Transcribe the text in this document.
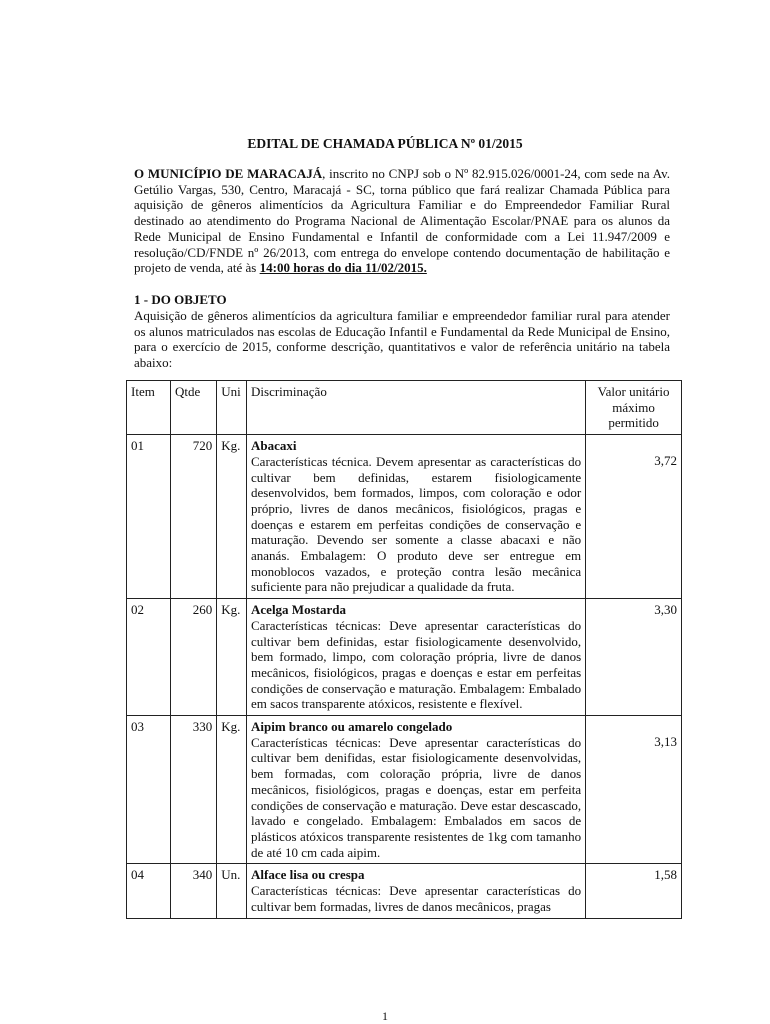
EDITAL DE CHAMADA PÚBLICA Nº 01/2015
O MUNICÍPIO DE MARACAJÁ, inscrito no CNPJ sob o Nº 82.915.026/0001-24, com sede na Av. Getúlio Vargas, 530, Centro, Maracajá - SC, torna público que fará realizar Chamada Pública para aquisição de gêneros alimentícios da Agricultura Familiar e do Empreendedor Familiar Rural destinado ao atendimento do Programa Nacional de Alimentação Escolar/PNAE para os alunos da Rede Municipal de Ensino Fundamental e Infantil de conformidade com a Lei 11.947/2009 e resolução/CD/FNDE nº 26/2013, com entrega do envelope contendo documentação de habilitação e projeto de venda, até às 14:00 horas do dia 11/02/2015.
1 - DO OBJETO
Aquisição de gêneros alimentícios da agricultura familiar e empreendedor familiar rural para atender os alunos matriculados nas escolas de Educação Infantil e Fundamental da Rede Municipal de Ensino, para o exercício de 2015, conforme descrição, quantitativos e valor de referência unitário na tabela abaixo:
Item	Qtde	Uni	Discriminação	Valor unitário máximo permitido
01	720	Kg.	Abacaxi
Características técnica. Devem apresentar as características do cultivar bem definidas, estarem fisiologicamente desenvolvidos, bem formados, limpos, com coloração e odor próprio, livres de danos mecânicos, fisiológicos, pragas e doenças e estarem em perfeitas condições de conservação e maturação. Devendo ser somente a classe abacaxi e não ananás. Embalagem: O produto deve ser entregue em monoblocos vazados, e proteção contra lesão mecânica suficiente para não prejudicar a qualidade da fruta.	3,72

02	260	Kg.	Acelga Mostarda
Características técnicas: Deve apresentar características do cultivar bem definidas, estar fisiologicamente desenvolvido, bem formado, limpo, com coloração própria, livre de danos mecânicos, fisiológicos, pragas e doenças e estar em perfeitas condições de conservação e maturação. Embalagem: Embalado em sacos transparente atóxicos, resistente e flexível.	3,30
03	330	Kg.	Aipim branco ou amarelo congelado
Características técnicas: Deve apresentar características do cultivar bem denifidas, estar fisiologicamente desenvolvidas, bem formadas, com coloração própria, livre de danos mecânicos, fisiológicos, pragas e doenças, estar em perfeita condições de conservação e maturação. Deve estar descascado, lavado e congelado. Embalagem: Embalados em sacos de plásticos atóxicos transparente resistentes de 1kg com tamanho de até 10 cm cada aipim.	3,13

04	340	Un.	Alface lisa ou crespa
Características técnicas: Deve apresentar características do cultivar bem formadas, livres de danos mecânicos, pragas	1,58
1
